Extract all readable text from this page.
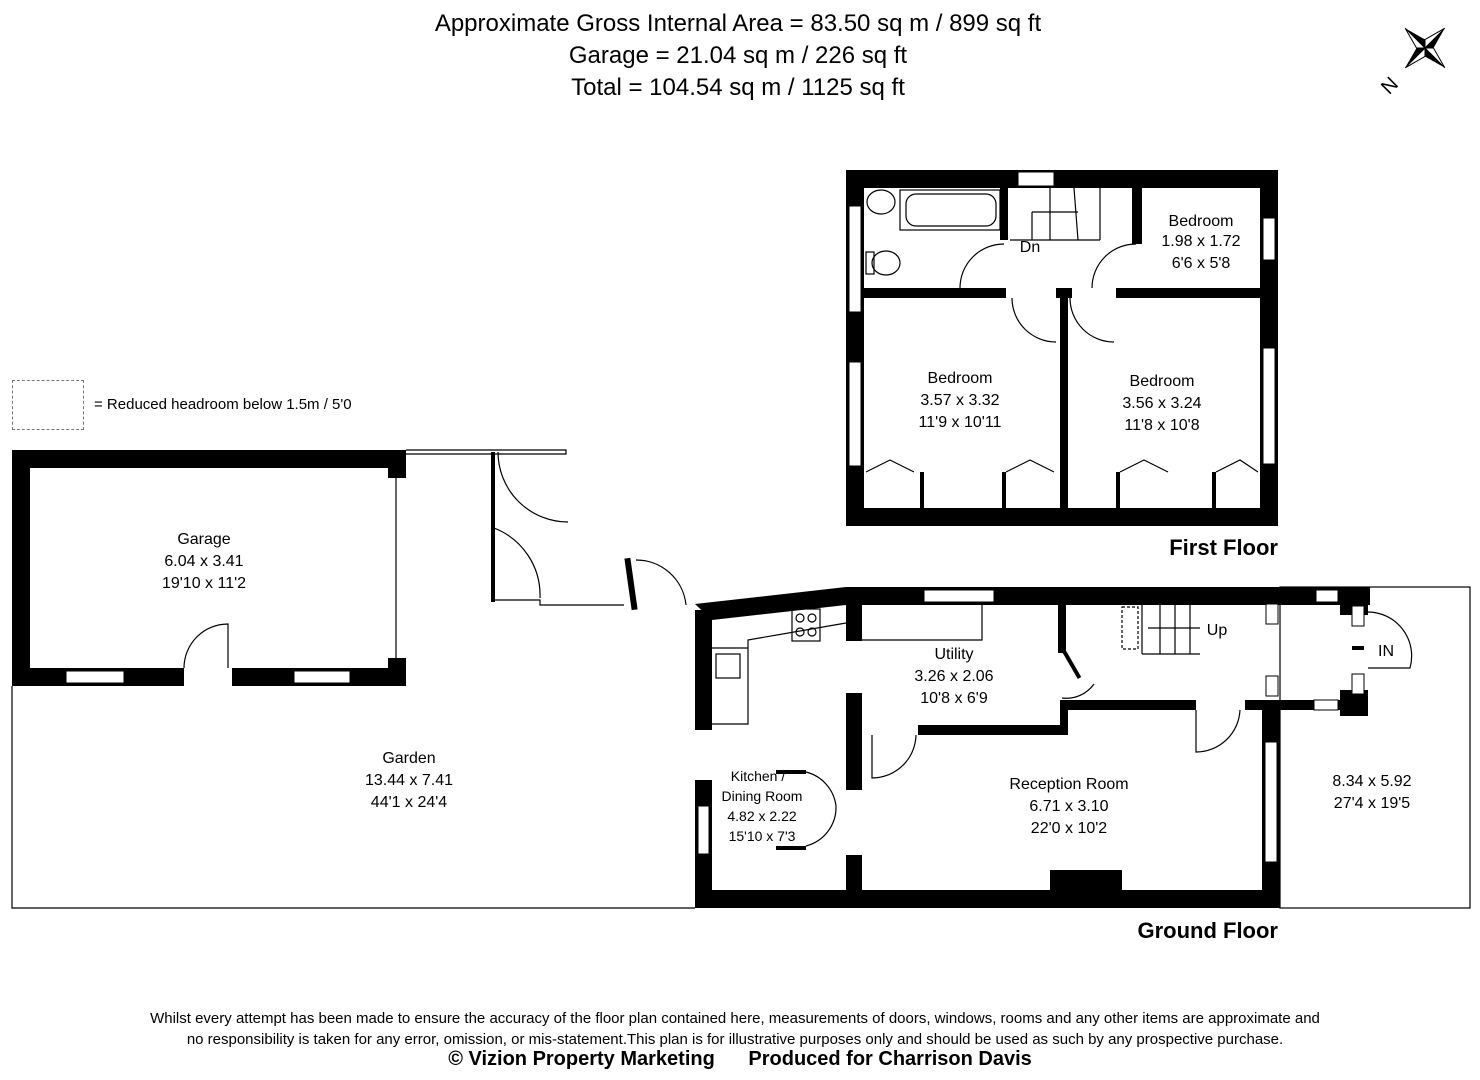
Approximate Gross Internal Area = 83.50 sq m / 899 sq ft
Garage = 21.04 sq m / 226 sq ft
Total = 104.54 sq m / 1125 sq ft
= Reduced headroom below 1.5m / 5'0
N
Dn
Bedroom
1.98 x 1.72
6'6 x 5'8
Bedroom
3.57 x 3.32
11'9 x 10'11
Bedroom
3.56 x 3.24
11'8 x 10'8
First Floor
Garage
6.04 x 3.41
19'10 x 11'2
Garden
13.44 x 7.41
44'1 x 24'4
Up
IN
Utility
3.26 x 2.06
10'8 x 6'9
Kitchen /
Dining Room
4.82 x 2.22
15'10 x 7'3
Reception Room
6.71 x 3.10
22'0 x 10'2
8.34 x 5.92
27'4 x 19'5
Ground Floor
Whilst every attempt has been made to ensure the accuracy of the floor plan contained here, measurements of doors, windows, rooms and any other items are approximate and
no responsibility is taken for any error, omission, or mis-statement.This plan is for illustrative purposes only and should be used as such by any prospective purchase.
© Vizion Property Marketing Produced for Charrison Davis
